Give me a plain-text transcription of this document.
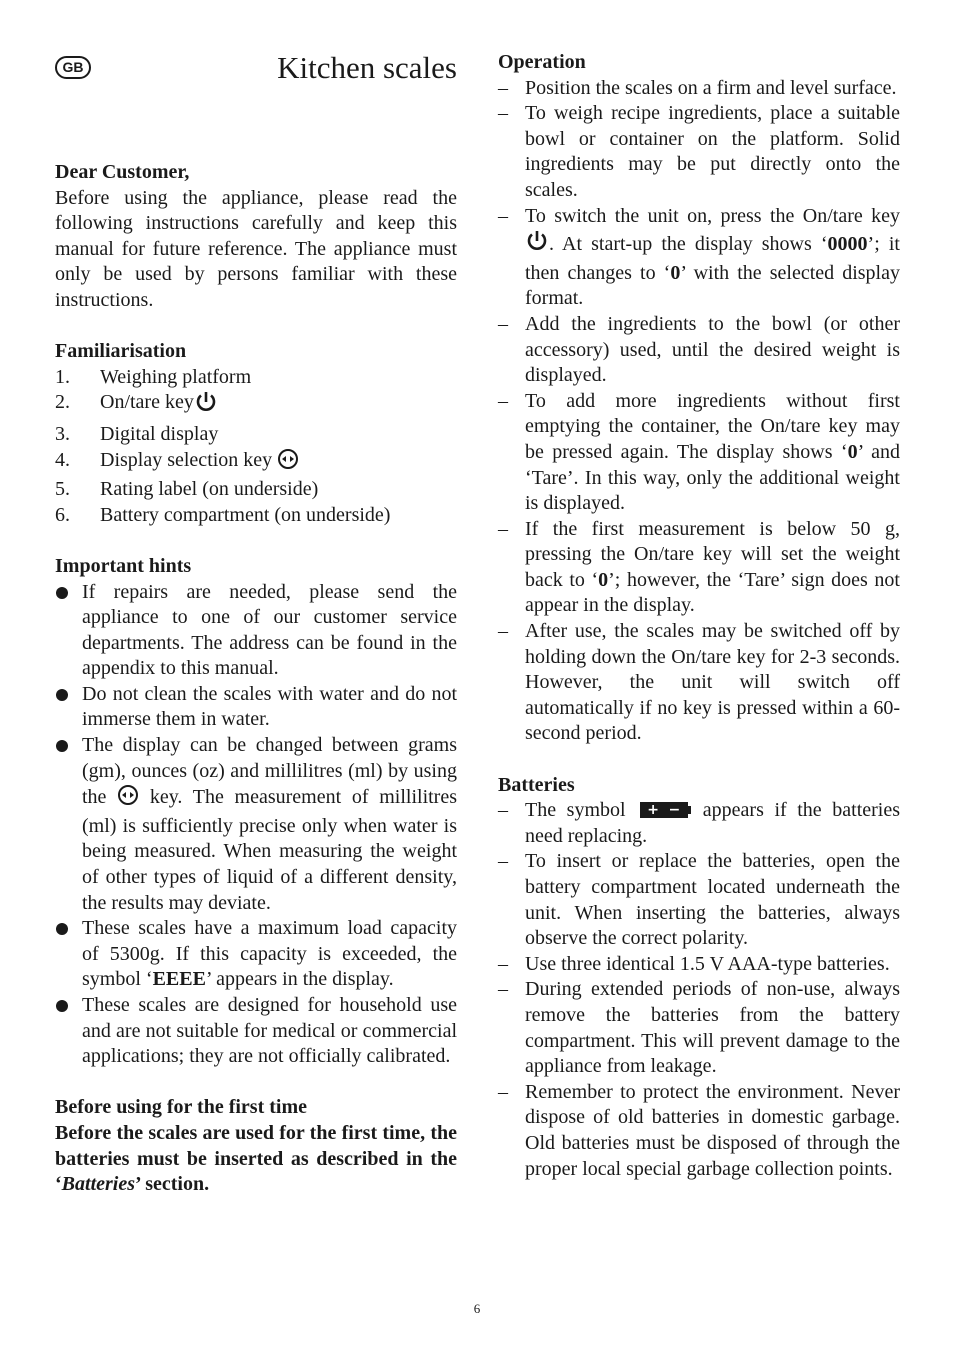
GB	Kitchen scales

Dear Customer,

Before using the appliance, please read the following instructions carefully and keep this manual for future reference. The appliance must only be used by persons familiar with these instructions.

Familiarisation

1.	Weighing platform
2.	On/tare key
3.	Digital display
4.	Display selection key
5.	Rating label (on underside)
6.	Battery compartment (on underside)

Important hints

If repairs are needed, please send the appliance to one of our customer service departments. The address can be found in the appendix to this manual.
Do not clean the scales with water and do not immerse them in water.
The display can be changed between grams (gm), ounces (oz) and millilitres (ml) by using the key. The measurement of millilitres (ml) is sufficiently precise only when water is being measured. When measuring the weight of other types of liquid of a different density, the results may deviate.
These scales have a maximum load capacity of 5300g. If this capacity is exceeded, the symbol ‘EEEE’ appears in the display.
These scales are designed for household use and are not suitable for medical or commercial applications; they are not officially calibrated.

Before using for the first time

Before the scales are used for the first time, the batteries must be inserted as described in the ‘Batteries’ section.

Operation

– Position the scales on a firm and level surface.
– To weigh recipe ingredients, place a suitable bowl or container on the platform. Solid ingredients may be put directly onto the scales.
– To switch the unit on, press the On/tare key . At start-up the display shows ‘0000’; it then changes to ‘0’ with the selected display format.
– Add the ingredients to the bowl (or other accessory) used, until the desired weight is displayed.
– To add more ingredients without first emptying the container, the On/tare key may be pressed again. The display shows ‘0’ and ‘Tare’. In this way, only the additional weight is displayed.
– If the first measurement is below 50 g, pressing the On/tare key will set the weight back to ‘0’; however, the ‘Tare’ sign does not appear in the display.
– After use, the scales may be switched off by holding down the On/tare key for 2-3 seconds. However, the unit will switch off automatically if no key is pressed within a 60-second period.

Batteries

– The symbol + − appears if the batteries need replacing.
– To insert or replace the batteries, open the battery compartment located underneath the unit. When inserting the batteries, always observe the correct polarity.
– Use three identical 1.5 V AAA-type batteries.
– During extended periods of non-use, always remove the batteries from the battery compartment. This will prevent damage to the appliance from leakage.
– Remember to protect the environment. Never dispose of old batteries in domestic garbage. Old batteries must be disposed of through the proper local special garbage collection points.
6
